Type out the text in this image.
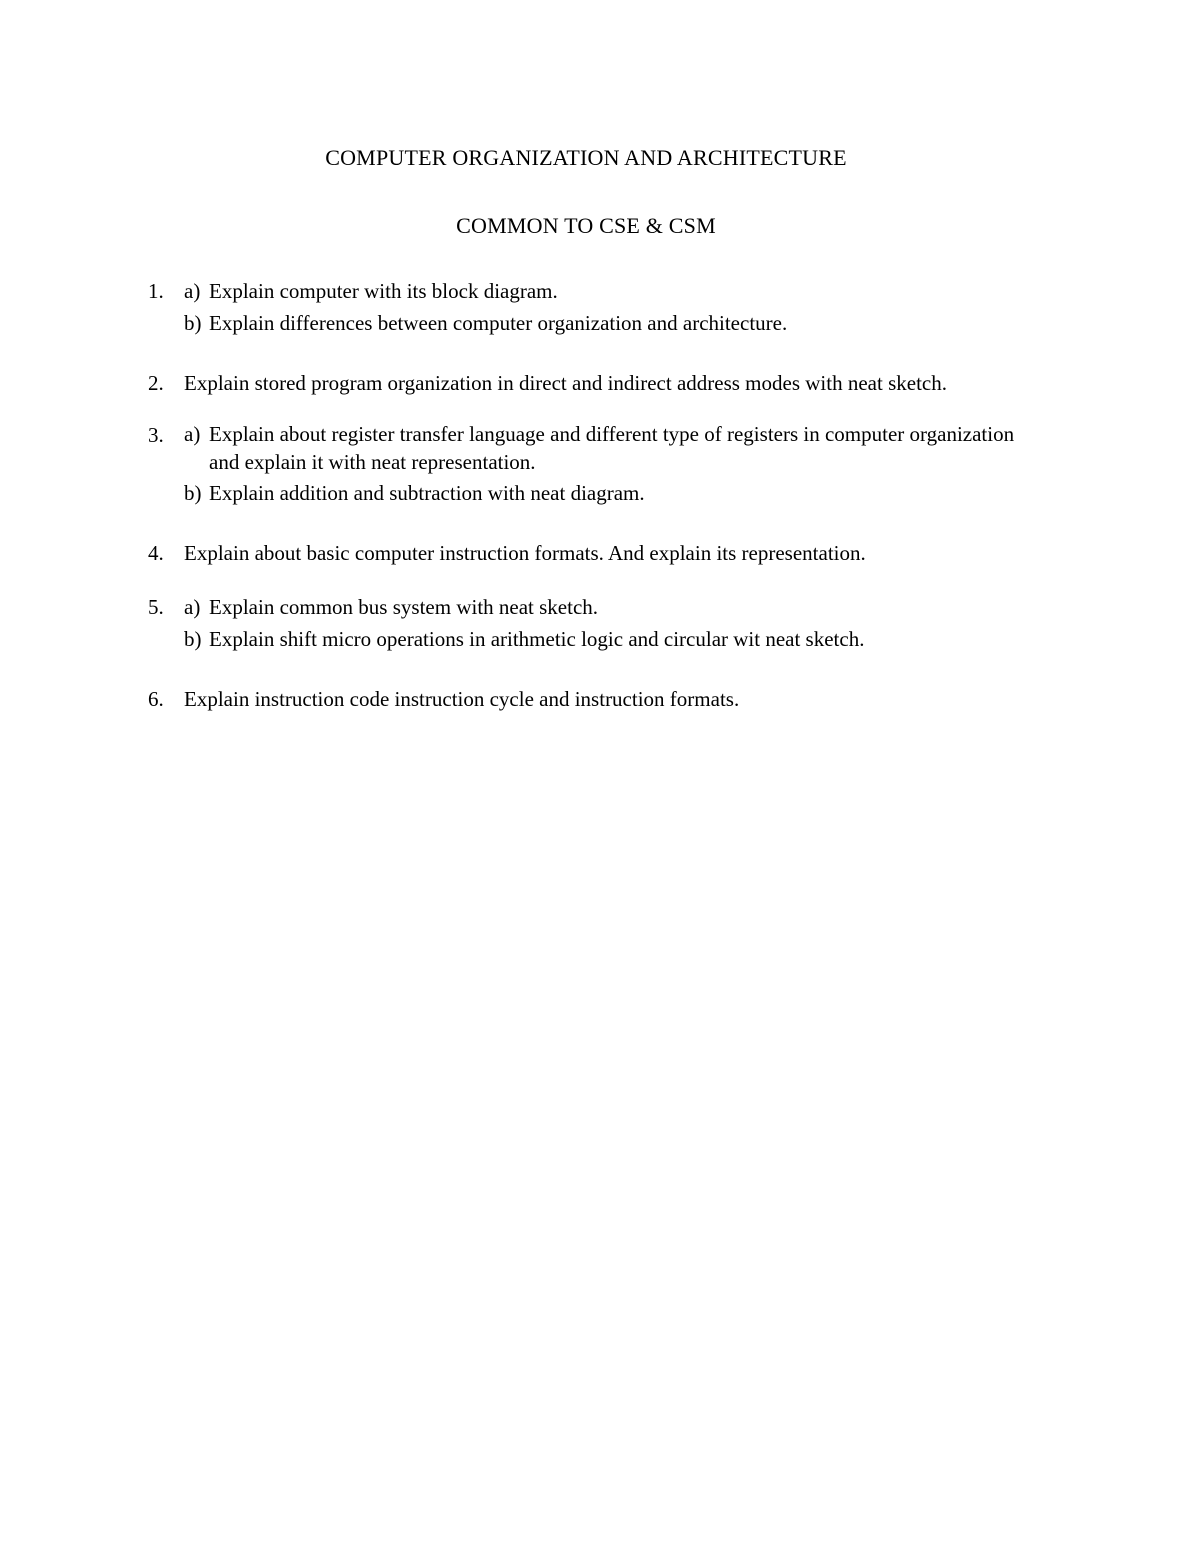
COMPUTER ORGANIZATION AND ARCHITECTURE
COMMON TO CSE & CSM
1. a) Explain computer with its block diagram.
b) Explain differences between computer organization and architecture.
2. Explain stored program organization in direct and indirect address modes with neat sketch.
3. a) Explain about register transfer language and different type of registers in computer organization and explain it with neat representation.
b) Explain addition and subtraction with neat diagram.
4. Explain about basic computer instruction formats. And explain its representation.
5. a) Explain common bus system with neat sketch.
b) Explain shift micro operations in arithmetic logic and circular wit neat sketch.
6. Explain instruction code instruction cycle and instruction formats.
